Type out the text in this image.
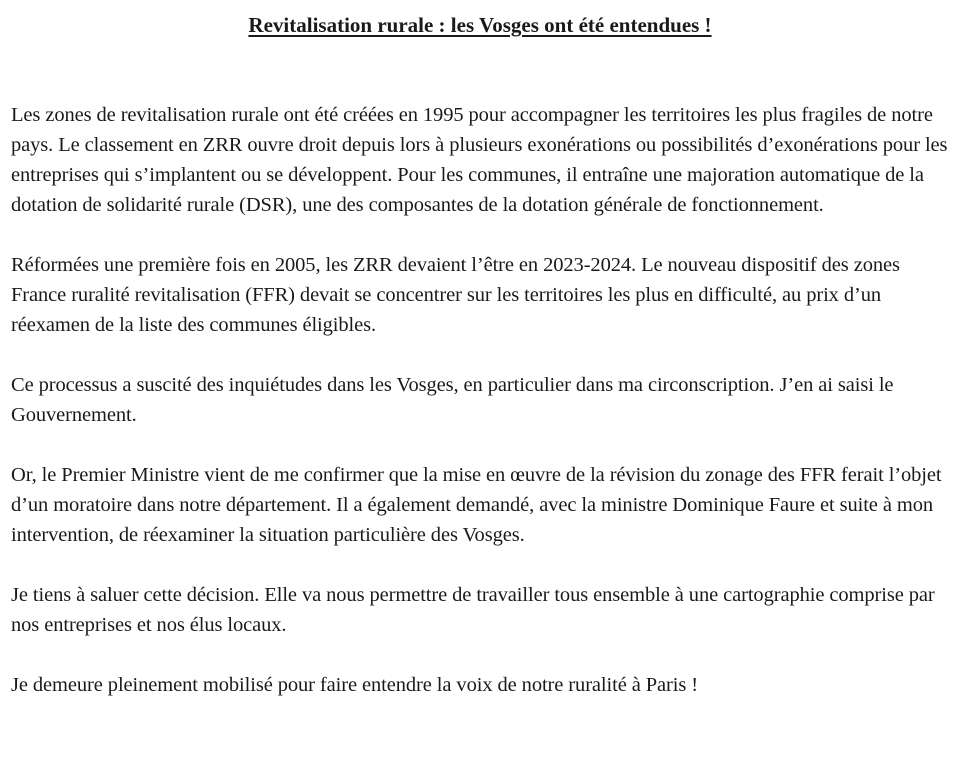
Revitalisation rurale : les Vosges ont été entendues !

Les zones de revitalisation rurale ont été créées en 1995 pour accompagner les territoires les plus fragiles de notre pays. Le classement en ZRR ouvre droit depuis lors à plusieurs exonérations ou possibilités d’exonérations pour les entreprises qui s’implantent ou se développent. Pour les communes, il entraîne une majoration automatique de la dotation de solidarité rurale (DSR), une des composantes de la dotation générale de fonctionnement.

Réformées une première fois en 2005, les ZRR devaient l’être en 2023-2024. Le nouveau dispositif des zones France ruralité revitalisation (FFR) devait se concentrer sur les territoires les plus en difficulté, au prix d’un réexamen de la liste des communes éligibles.

Ce processus a suscité des inquiétudes dans les Vosges, en particulier dans ma circonscription. J’en ai saisi le Gouvernement.

Or, le Premier Ministre vient de me confirmer que la mise en œuvre de la révision du zonage des FFR ferait l’objet d’un moratoire dans notre département. Il a également demandé, avec la ministre Dominique Faure et suite à mon intervention, de réexaminer la situation particulière des Vosges.

Je tiens à saluer cette décision. Elle va nous permettre de travailler tous ensemble à une cartographie comprise par nos entreprises et nos élus locaux.

Je demeure pleinement mobilisé pour faire entendre la voix de notre ruralité à Paris !
